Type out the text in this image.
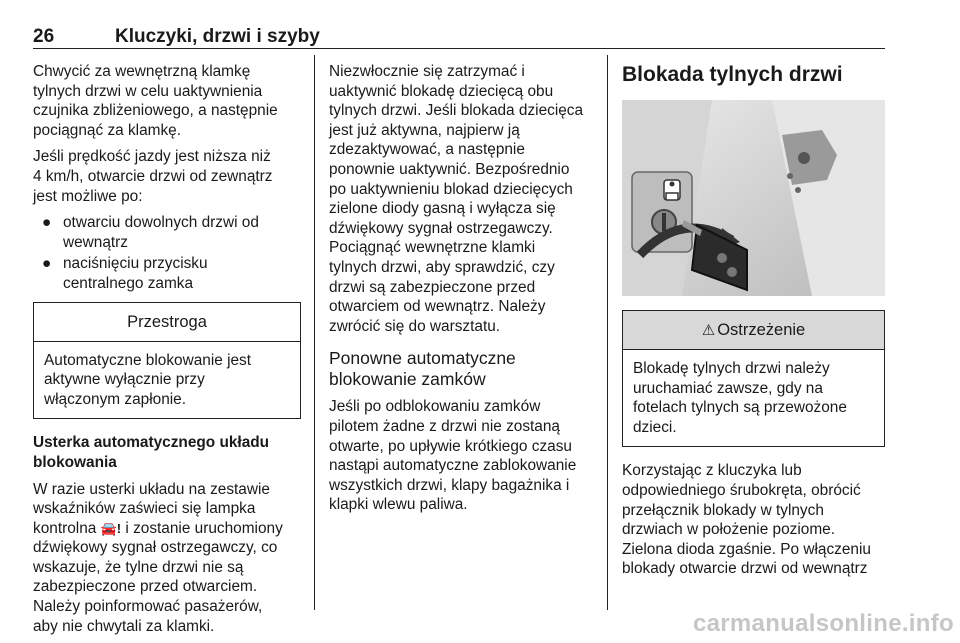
26	Kluczyki, drzwi i szyby

Chwycić za wewnętrzną klamkę
tylnych drzwi w celu uaktywnienia
czujnika zbliżeniowego, a następnie
pociągnąć za klamkę.

Jeśli prędkość jazdy jest niższa niż
4 km/h, otwarcie drzwi od zewnątrz
jest możliwe po:

● otwarciu dowolnych drzwi od
wewnątrz
● naciśnięciu przycisku
centralnego zamka
Przestroga
Automatyczne blokowanie jest
aktywne wyłącznie przy
włączonym zapłonie.

Usterka automatycznego układu
blokowania

W razie usterki układu na zestawie
wskaźników zaświeci się lampka
kontrolna 🚘! i zostanie uruchomiony
dźwiękowy sygnał ostrzegawczy, co
wskazuje, że tylne drzwi nie są
zabezpieczone przed otwarciem.
Należy poinformować pasażerów,
aby nie chwytali za klamki.

Niezwłocznie się zatrzymać i
uaktywnić blokadę dziecięcą obu
tylnych drzwi. Jeśli blokada dziecięca
jest już aktywna, najpierw ją
zdezaktywować, a następnie
ponownie uaktywnić. Bezpośrednio
po uaktywnieniu blokad dziecięcych
zielone diody gasną i wyłącza się
dźwiękowy sygnał ostrzegawczy.
Pociągnąć wewnętrzne klamki
tylnych drzwi, aby sprawdzić, czy
drzwi są zabezpieczone przed
otwarciem od wewnątrz. Należy
zwrócić się do warsztatu.

Ponowne automatyczne
blokowanie zamków

Jeśli po odblokowaniu zamków
pilotem żadne z drzwi nie zostaną
otwarte, po upływie krótkiego czasu
nastąpi automatyczne zablokowanie
wszystkich drzwi, klapy bagażnika i
klapki wlewu paliwa.

Blokada tylnych drzwi
⚠ Ostrzeżenie
Blokadę tylnych drzwi należy
uruchamiać zawsze, gdy na
fotelach tylnych są przewożone
dzieci.

Korzystając z kluczyka lub
odpowiedniego śrubokręta, obrócić
przełącznik blokady w tylnych
drzwiach w położenie poziome.
Zielona dioda zgaśnie. Po włączeniu
blokady otwarcie drzwi od wewnątrz

carmanualsonline.info
